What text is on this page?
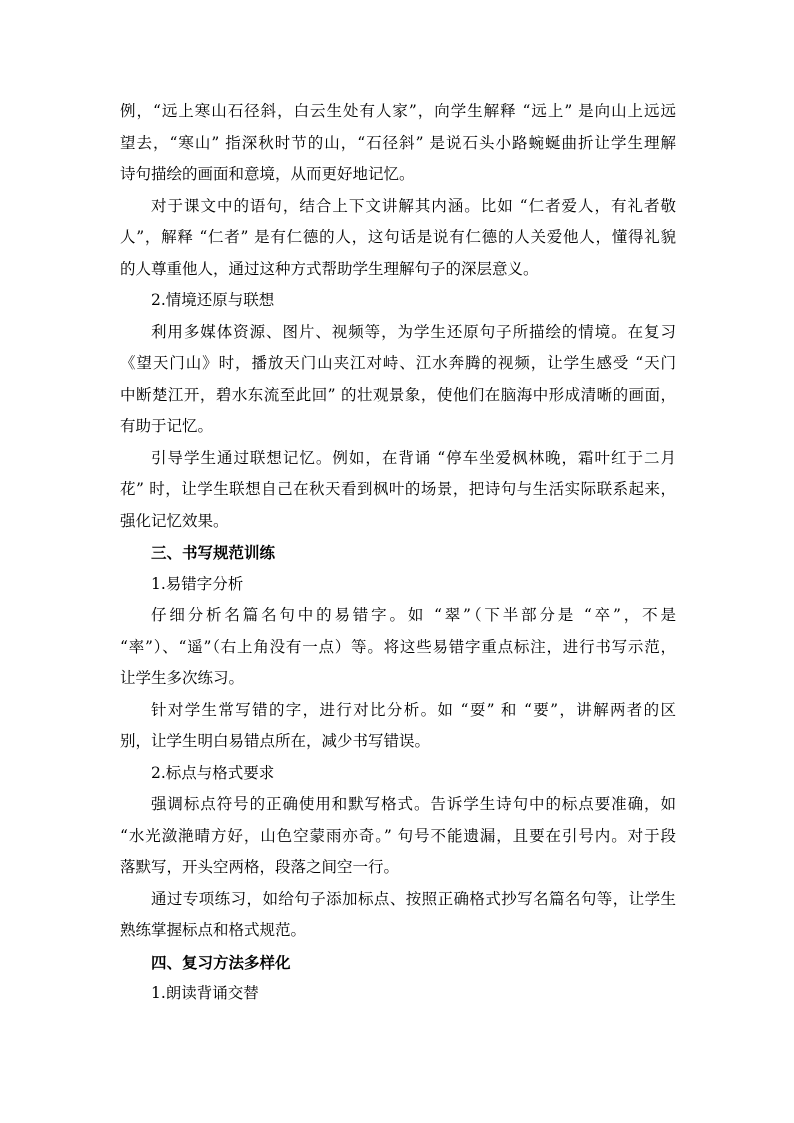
例，“远上寒山石径斜，白云生处有人家”，向学生解释 “远上” 是向山上远远
望去，“寒山” 指深秋时节的山，“石径斜” 是说石头小路蜿蜒曲折让学生理解
诗句描绘的画面和意境，从而更好地记忆。
对于课文中的语句，结合上下文讲解其内涵。比如 “仁者爱人，有礼者敬
人”，解释 “仁者” 是有仁德的人，这句话是说有仁德的人关爱他人，懂得礼貌
的人尊重他人，通过这种方式帮助学生理解句子的深层意义。
2.情境还原与联想
利用多媒体资源、图片、视频等，为学生还原句子所描绘的情境。在复习
《望天门山》时，播放天门山夹江对峙、江水奔腾的视频，让学生感受 “天门
中断楚江开，碧水东流至此回” 的壮观景象，使他们在脑海中形成清晰的画面，
有助于记忆。
引导学生通过联想记忆。例如，在背诵 “停车坐爱枫林晚，霜叶红于二月
花” 时，让学生联想自己在秋天看到枫叶的场景，把诗句与生活实际联系起来，
强化记忆效果。
三、书写规范训练
1.易错字分析
仔细分析名篇名句中的易错字。如 “翠”（下半部分是 “卒”，不是
“率”）、“遥”（右上角没有一点）等。将这些易错字重点标注，进行书写示范，
让学生多次练习。
针对学生常写错的字，进行对比分析。如 “耍” 和 “要”，讲解两者的区
别，让学生明白易错点所在，减少书写错误。
2.标点与格式要求
强调标点符号的正确使用和默写格式。告诉学生诗句中的标点要准确，如
“水光潋滟晴方好，山色空蒙雨亦奇。” 句号不能遗漏，且要在引号内。对于段
落默写，开头空两格，段落之间空一行。
通过专项练习，如给句子添加标点、按照正确格式抄写名篇名句等，让学生
熟练掌握标点和格式规范。
四、复习方法多样化
1.朗读背诵交替
